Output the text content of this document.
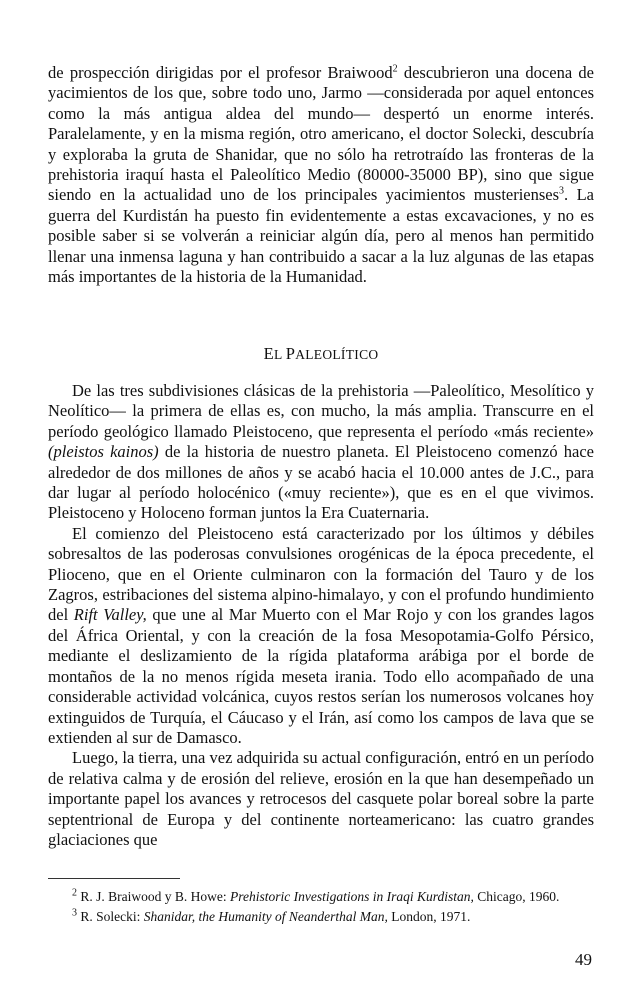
de prospección dirigidas por el profesor Braiwood$^2$ descubrieron una docena de yacimientos de los que, sobre todo uno, Jarmo —considerada por aquel entonces como la más antigua aldea del mundo— despertó un enorme interés. Paralelamente, y en la misma región, otro americano, el doctor Solecki, descubría y exploraba la gruta de Shanidar, que no sólo ha retrotraído las fronteras de la prehistoria iraquí hasta el Paleolítico Medio (80000-35000 BP), sino que sigue siendo en la actualidad uno de los principales yacimientos musterienses$^3$. La guerra del Kurdistán ha puesto fin evidentemente a estas excavaciones, y no es posible saber si se volverán a reiniciar algún día, pero al menos han permitido llenar una inmensa laguna y han contribuido a sacar a la luz algunas de las etapas más importantes de la historia de la Humanidad.

EL PALEOLÍTICO

De las tres subdivisiones clásicas de la prehistoria —Paleolítico, Mesolítico y Neolítico— la primera de ellas es, con mucho, la más amplia. Transcurre en el período geológico llamado Pleistoceno, que representa el período «más reciente» (pleistos kainos) de la historia de nuestro planeta. El Pleistoceno comenzó hace alrededor de dos millones de años y se acabó hacia el 10.000 antes de J.C., para dar lugar al período holocénico («muy reciente»), que es en el que vivimos. Pleistoceno y Holoceno forman juntos la Era Cuaternaria.

El comienzo del Pleistoceno está caracterizado por los últimos y débiles sobresaltos de las poderosas convulsiones orogénicas de la época precedente, el Plioceno, que en el Oriente culminaron con la formación del Tauro y de los Zagros, estribaciones del sistema alpino-himalayo, y con el profundo hundimiento del Rift Valley, que une al Mar Muerto con el Mar Rojo y con los grandes lagos del África Oriental, y con la creación de la fosa Mesopotamia-Golfo Pérsico, mediante el deslizamiento de la rígida plataforma arábiga por el borde de montaños de la no menos rígida meseta irania. Todo ello acompañado de una considerable actividad volcánica, cuyos restos serían los numerosos volcanes hoy extinguidos de Turquía, el Cáucaso y el Irán, así como los campos de lava que se extienden al sur de Damasco.

Luego, la tierra, una vez adquirida su actual configuración, entró en un período de relativa calma y de erosión del relieve, erosión en la que han desempeñado un importante papel los avances y retrocesos del casquete polar boreal sobre la parte septentrional de Europa y del continente norteamericano: las cuatro grandes glaciaciones que

$^2$ R. J. Braiwood y B. Howe: Prehistoric Investigations in Iraqi Kurdistan, Chicago, 1960.

$^3$ R. Solecki: Shanidar, the Humanity of Neanderthal Man, London, 1971.

49
